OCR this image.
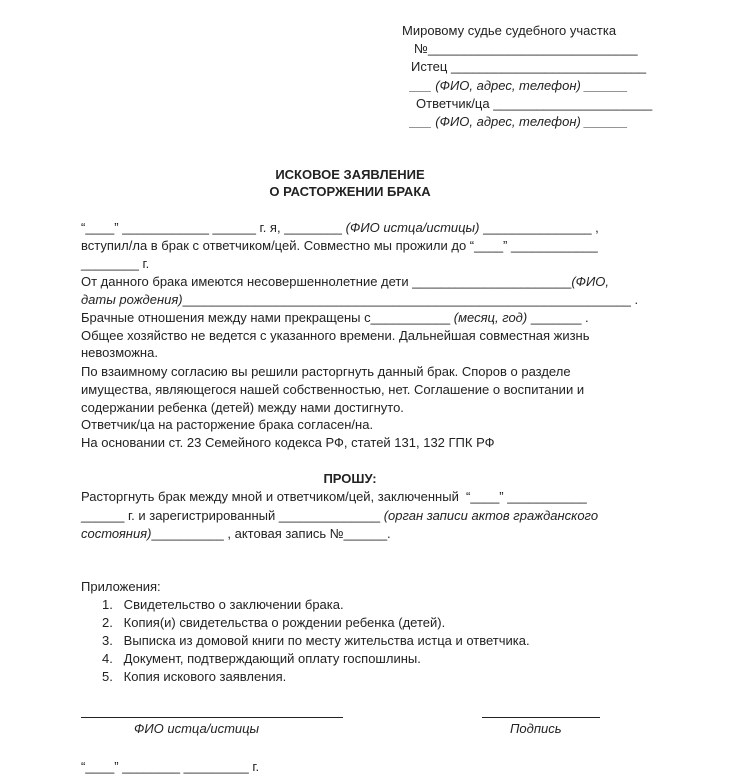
Мировому судье судебного участка
№_____________________________
Истец ___________________________
___ (ФИО, адрес, телефон) ______
Ответчик/ца ______________________
___ (ФИО, адрес, телефон) ______
ИСКОВОЕ ЗАЯВЛЕНИЕ
О РАСТОРЖЕНИИ БРАКА
“____” ____________ ______ г. я, ________ (ФИО истца/истицы) _______________ ,
вступил/ла в брак с ответчиком/цей. Совместно мы прожили до “____” ____________
________ г.
От данного брака имеются несовершеннолетние дети ______________________(ФИО,
даты рождения)______________________________________________________________ .
Брачные отношения между нами прекращены с___________ (месяц, год) _______ .
Общее хозяйство не ведется с указанного времени. Дальнейшая совместная жизнь
невозможна.
По взаимному согласию вы решили расторгнуть данный брак. Споров о разделе
имущества, являющегося нашей собственностью, нет. Соглашение о воспитании и
содержании ребенка (детей) между нами достигнуто.
Ответчик/ца на расторжение брака согласен/на.
На основании ст. 23 Семейного кодекса РФ, статей 131, 132 ГПК РФ
ПРОШУ:
Расторгнуть брак между мной и ответчиком/цей, заключенный  “____” ___________
______ г. и зарегистрированный ______________ (орган записи актов гражданского
состояния)__________ , актовая запись №______.
Приложения:
1.   Свидетельство о заключении брака.
2.   Копия(и) свидетельства о рождении ребенка (детей).
3.   Выписка из домовой книги по месту жительства истца и ответчика.
4.   Документ, подтверждающий оплату госпошлины.
5.   Копия искового заявления.
ФИО истца/истицы	Подпись
“____” ________ _________ г.
